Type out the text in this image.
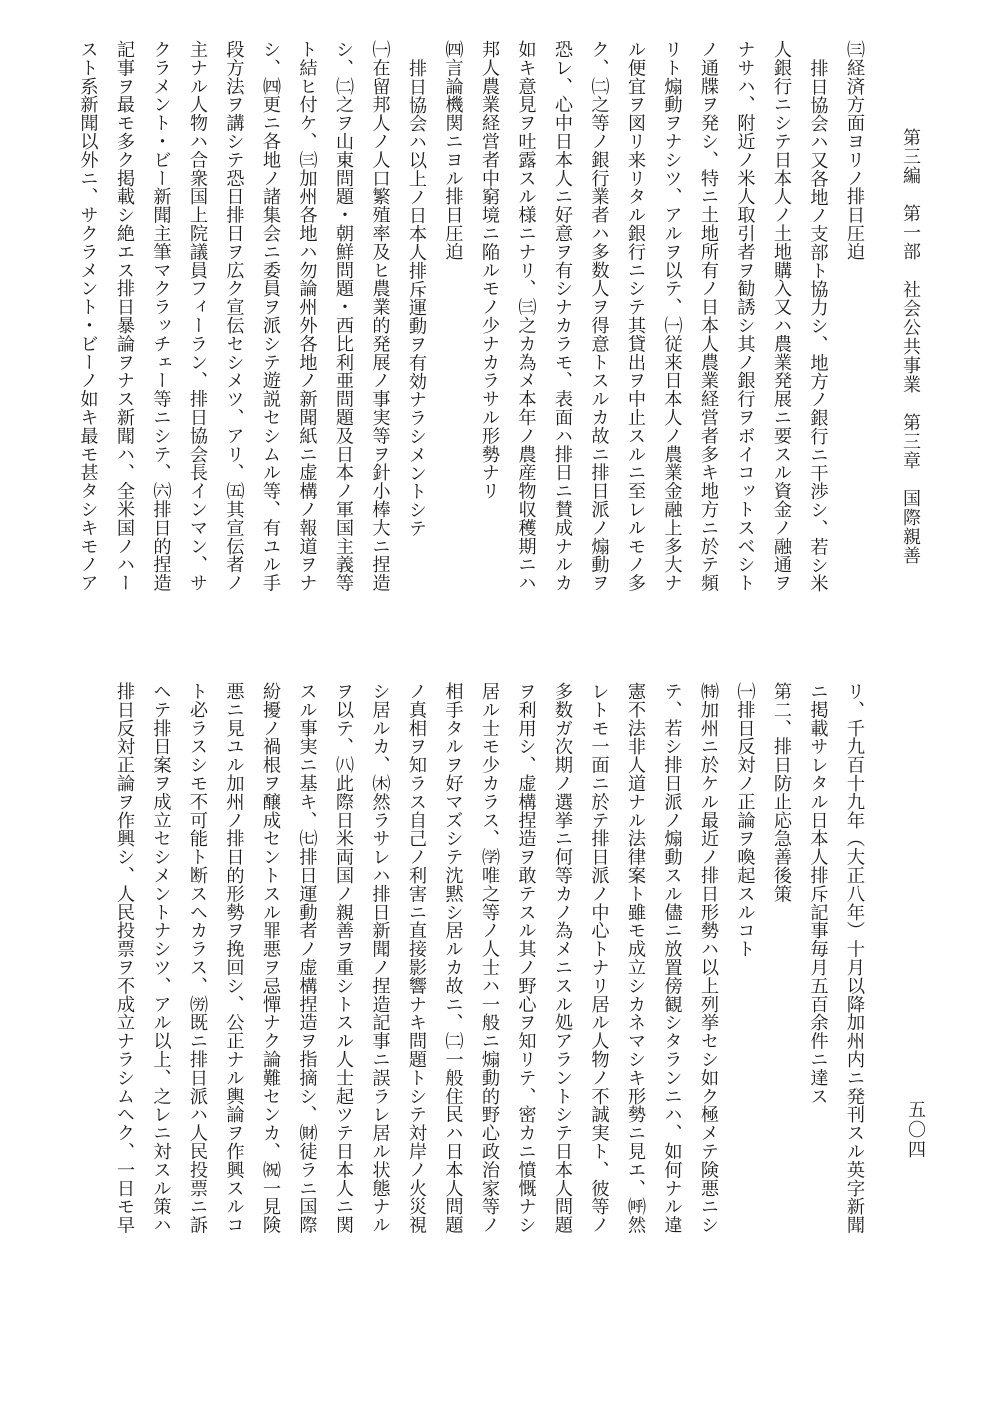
第三編　第一部　社会公共事業　第三章　国際親善
五〇四
㈢経済方面ヨリノ排日圧迫
排日協会ハ又各地ノ支部ト協力シ、地方ノ銀行ニ干渉シ、若シ米
人銀行ニシテ日本人ノ土地購入又ハ農業発展ニ要スル資金ノ融通ヲ
ナサハ、附近ノ米人取引者ヲ勧誘シ其ノ銀行ヲボイコットスベシト
ノ通牒ヲ発シ、特ニ土地所有ノ日本人農業経営者多キ地方ニ於テ頻
リト煽動ヲナシツ、アルヲ以テ、㈠従来日本人ノ農業金融上多大ナ
ル便宜ヲ図リ来リタル銀行ニシテ其貸出ヲ中止スルニ至レルモノ多
ク、㈡之等ノ銀行業者ハ多数人ヲ得意トスルカ故ニ排日派ノ煽動ヲ
恐レ、心中日本人ニ好意ヲ有シナカラモ、表面ハ排日ニ賛成ナルカ
如キ意見ヲ吐露スル様ニナリ、㈢之カ為メ本年ノ農産物収穫期ニハ
邦人農業経営者中窮境ニ陥ルモノ少ナカラサル形勢ナリ
㈣言論機関ニヨル排日圧迫
排日協会ハ以上ノ日本人排斥運動ヲ有効ナラシメントシテ
㈠在留邦人ノ人口繁殖率及ヒ農業的発展ノ事実等ヲ針小棒大ニ捏造
シ、㈡之ヲ山東問題・朝鮮問題・西比利亜問題及日本ノ軍国主義等
ト結ヒ付ケ、㈢加州各地ハ勿論州外各地ノ新聞紙ニ虚構ノ報道ヲナ
シ、㈣更ニ各地ノ諸集会ニ委員ヲ派シテ遊説セシムル等、有ユル手
段方法ヲ講シテ恐日排日ヲ広ク宣伝セシメツ、アリ、㈤其宣伝者ノ
主ナル人物ハ合衆国上院議員フィーラン、排日協会長インマン、サ
クラメント・ビー新聞主筆マクラッチェー等ニシテ、㈥排日的捏造
記事ヲ最モ多ク掲載シ絶エス排日暴論ヲナス新聞ハ、全米国ノハー
スト系新聞以外ニ、サクラメント・ビーノ如キ最モ甚タシキモノア
リ、千九百十九年（大正八年）十月以降加州内ニ発刊スル英字新聞
ニ掲載サレタル日本人排斥記事毎月五百余件ニ達ス
第二、排日防止応急善後策
㈠排日反対ノ正論ヲ喚起スルコト
㈵加州ニ於ケル最近ノ排日形勢ハ以上列挙セシ如ク極メテ険悪ニシ
テ、若シ排日派ノ煽動スル儘ニ放置傍観シタランニハ、如何ナル違
憲不法非人道ナル法律案ト雖モ成立シカネマシキ形勢ニ見エ、㈺然
レトモ一面ニ於テ排日派ノ中心トナリ居ル人物ノ不誠実ト、彼等ノ
多数ガ次期ノ選挙ニ何等カノ為メニスル処アラントシテ日本人問題
ヲ利用シ、虚構捏造ヲ敢テスル其ノ野心ヲ知リテ、密カニ憤慨ナシ
居ル士モ少カラス、㈻唯之等ノ人士ハ一般ニ煽動的野心政治家等ノ
相手タルヲ好マズシテ沈黙シ居ルカ故ニ、㈡一般住民ハ日本人問題
ノ真相ヲ知ラス自己ノ利害ニ直接影響ナキ問題トシテ対岸ノ火災視
シ居ルカ、㈭然ラサレハ排日新聞ノ捏造記事ニ誤ラレ居ル状態ナル
ヲ以テ、㈧此際日米両国ノ親善ヲ重シトスル人士起ツテ日本人ニ関
スル事実ニ基キ、㈦排日運動者ノ虚構捏造ヲ指摘シ、㈶徒ラニ国際
紛擾ノ禍根ヲ醸成セントスル罪悪ヲ忌憚ナク論難センカ、㈷一見険
悪ニ見ユル加州ノ排日的形勢ヲ挽回シ、公正ナル輿論ヲ作興スルコ
ト必ラスシモ不可能ト断スヘカラス、㈸既ニ排日派ハ人民投票ニ訴
ヘテ排日案ヲ成立セシメントナシツ、アル以上、之レニ対スル策ハ
排日反対正論ヲ作興シ、人民投票ヲ不成立ナラシムヘク、一日モ早
